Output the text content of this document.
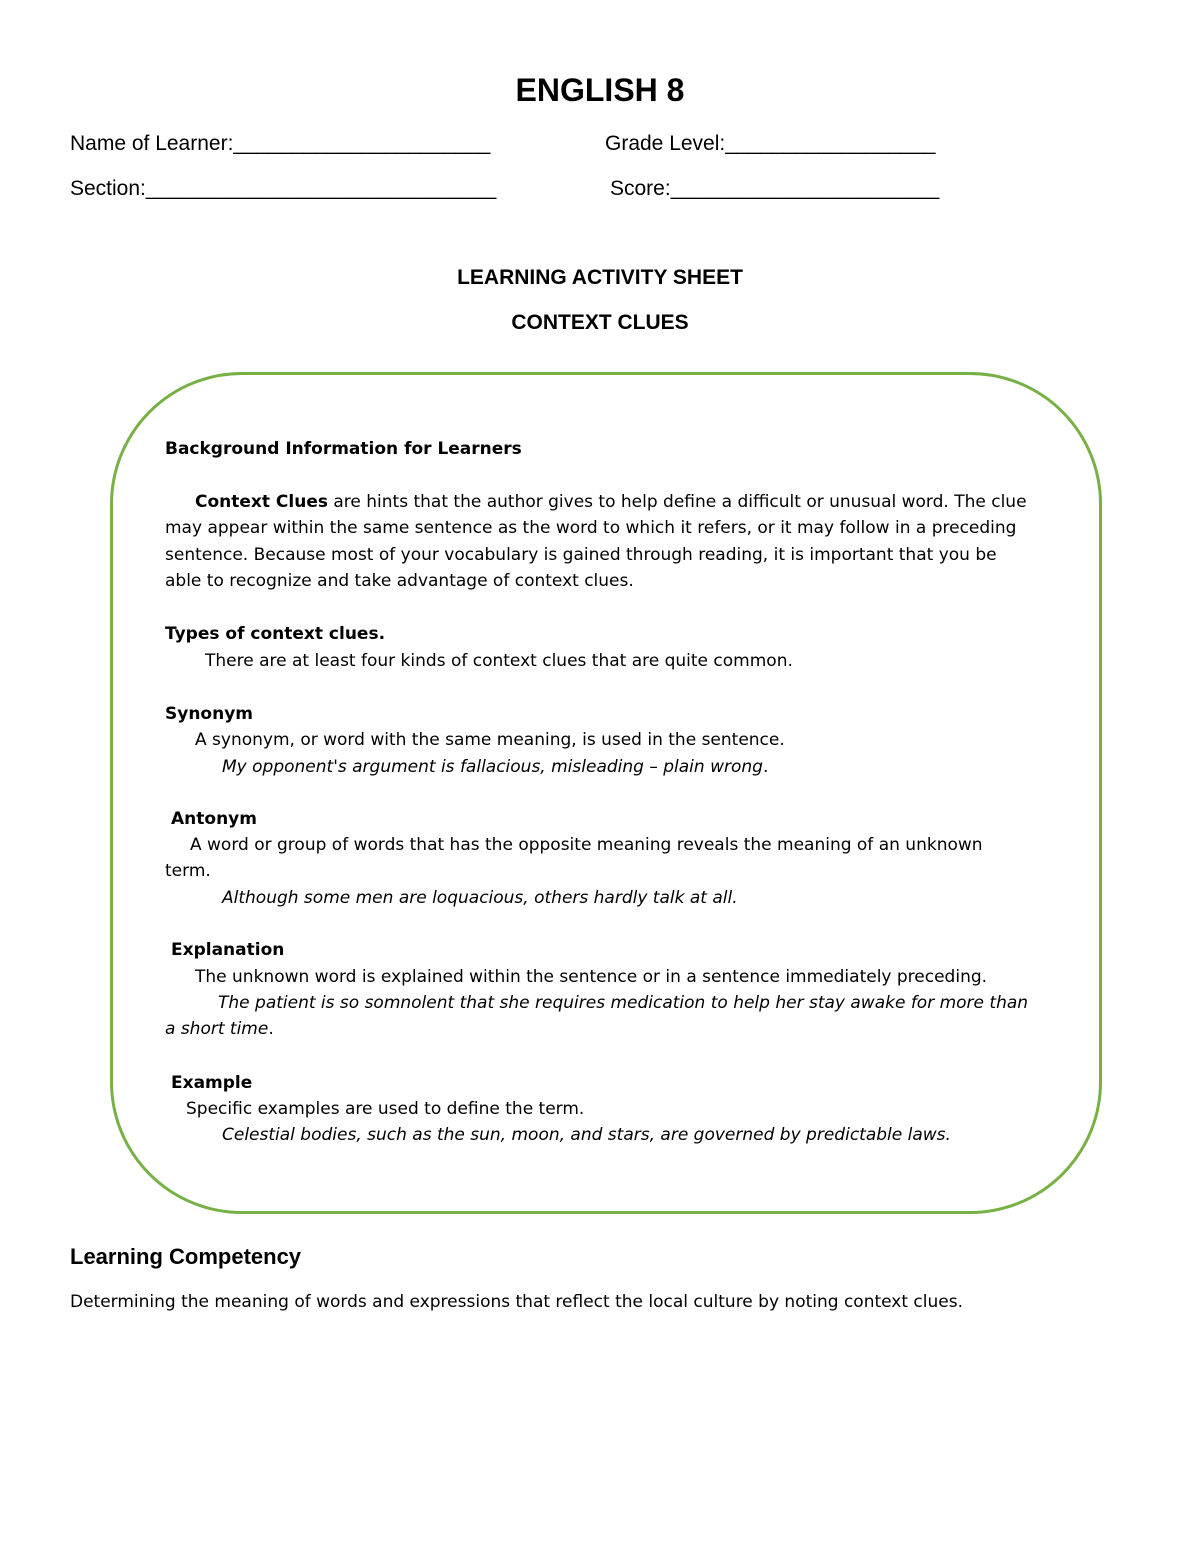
ENGLISH 8
Name of Learner:______________________	Grade Level:__________________
Section:______________________________	Score:_______________________
LEARNING ACTIVITY SHEET
CONTEXT CLUES

Background Information for Learners

Context Clues are hints that the author gives to help define a difficult or unusual word. The clue

may appear within the same sentence as the word to which it refers, or it may follow in a preceding

sentence. Because most of your vocabulary is gained through reading, it is important that you be

able to recognize and take advantage of context clues.

Types of context clues.

There are at least four kinds of context clues that are quite common.

Synonym

A synonym, or word with the same meaning, is used in the sentence.

My opponent's argument is fallacious, misleading – plain wrong.

Antonym

A word or group of words that has the opposite meaning reveals the meaning of an unknown

term.

Although some men are loquacious, others hardly talk at all.

Explanation

The unknown word is explained within the sentence or in a sentence immediately preceding.

The patient is so somnolent that she requires medication to help her stay awake for more than

a short time.

Example

Specific examples are used to define the term.

Celestial bodies, such as the sun, moon, and stars, are governed by predictable laws.

Learning Competency

Determining the meaning of words and expressions that reflect the local culture by noting context clues.
